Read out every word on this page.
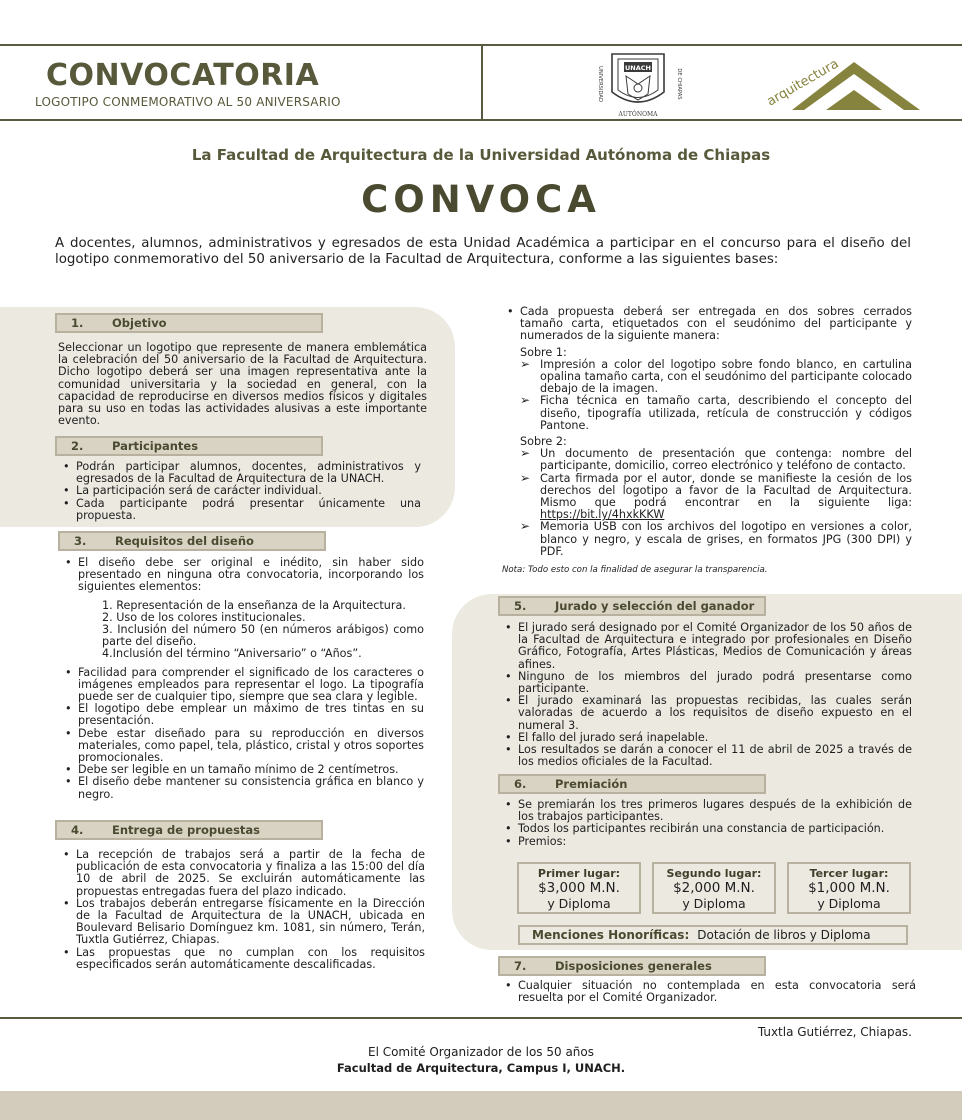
CONVOCATORIA
LOGOTIPO CONMEMORATIVO AL 50 ANIVERSARIO
UNIVERSIDAD	DE CHIAPAS
UNACH
AUTÓNOMA
arquitectura
La Facultad de Arquitectura de la Universidad Autónoma de Chiapas
CONVOCA
A docentes, alumnos, administrativos y egresados de esta Unidad Académica a participar en el concurso para el diseño del logotipo conmemorativo del 50 aniversario de la Facultad de Arquitectura, conforme a las siguientes bases:
1. Objetivo
Seleccionar un logotipo que represente de manera emblemática la celebración del 50 aniversario de la Facultad de Arquitectura. Dicho logotipo deberá ser una imagen representativa ante la comunidad universitaria y la sociedad en general, con la capacidad de reproducirse en diversos medios físicos y digitales para su uso en todas las actividades alusivas a este importante evento.
2. Participantes
• Podrán participar alumnos, docentes, administrativos y egresados de la Facultad de Arquitectura de la UNACH.
• La participación será de carácter individual.
• Cada participante podrá presentar únicamente una propuesta.
3. Requisitos del diseño
• El diseño debe ser original e inédito, sin haber sido presentado en ninguna otra convocatoria, incorporando los siguientes elementos:
1. Representación de la enseñanza de la Arquitectura.
2. Uso de los colores institucionales.
3. Inclusión del número 50 (en números arábigos) como parte del diseño.
4.Inclusión del término “Aniversario” o “Años”.
• Facilidad para comprender el significado de los caracteres o imágenes empleados para representar el logo. La tipografía puede ser de cualquier tipo, siempre que sea clara y legible.
• El logotipo debe emplear un máximo de tres tintas en su presentación.
• Debe estar diseñado para su reproducción en diversos materiales, como papel, tela, plástico, cristal y otros soportes promocionales.
• Debe ser legible en un tamaño mínimo de 2 centímetros.
• El diseño debe mantener su consistencia gráfica en blanco y negro.
4. Entrega de propuestas
• La recepción de trabajos será a partir de la fecha de publicación de esta convocatoria y finaliza a las 15:00 del día 10 de abril de 2025. Se excluirán automáticamente las propuestas entregadas fuera del plazo indicado.
• Los trabajos deberán entregarse físicamente en la Dirección de la Facultad de Arquitectura de la UNACH, ubicada en Boulevard Belisario Domínguez km. 1081, sin número, Terán, Tuxtla Gutiérrez, Chiapas.
• Las propuestas que no cumplan con los requisitos especificados serán automáticamente descalificadas.
• Cada propuesta deberá ser entregada en dos sobres cerrados tamaño carta, etiquetados con el seudónimo del participante y numerados de la siguiente manera:
Sobre 1:
➢ Impresión a color del logotipo sobre fondo blanco, en cartulina opalina tamaño carta, con el seudónimo del participante colocado debajo de la imagen.
➢ Ficha técnica en tamaño carta, describiendo el concepto del diseño, tipografía utilizada, retícula de construcción y códigos Pantone.
Sobre 2:
➢ Un documento de presentación que contenga: nombre del participante, domicilio, correo electrónico y teléfono de contacto.
➢ Carta firmada por el autor, donde se manifieste la cesión de los derechos del logotipo a favor de la Facultad de Arquitectura. Mismo que podrá encontrar en la siguiente liga: https://bit.ly/4hxkKKW
➢ Memoria USB con los archivos del logotipo en versiones a color, blanco y negro, y escala de grises, en formatos JPG (300 DPI) y PDF.
Nota: Todo esto con la finalidad de asegurar la transparencia.
5. Jurado y selección del ganador
• El jurado será designado por el Comité Organizador de los 50 años de la Facultad de Arquitectura e integrado por profesionales en Diseño Gráfico, Fotografía, Artes Plásticas, Medios de Comunicación y áreas afines.
• Ninguno de los miembros del jurado podrá presentarse como participante.
• El jurado examinará las propuestas recibidas, las cuales serán valoradas de acuerdo a los requisitos de diseño expuesto en el numeral 3.
• El fallo del jurado será inapelable.
• Los resultados se darán a conocer el 11 de abril de 2025 a través de los medios oficiales de la Facultad.
6. Premiación
• Se premiarán los tres primeros lugares después de la exhibición de los trabajos participantes.
• Todos los participantes recibirán una constancia de participación.
• Premios:
Primer lugar:
$3,000 M.N.
y Diploma
Segundo lugar:
$2,000 M.N.
y Diploma
Tercer lugar:
$1,000 M.N.
y Diploma
Menciones Honoríficas: Dotación de libros y Diploma
7. Disposiciones generales
• Cualquier situación no contemplada en esta convocatoria será resuelta por el Comité Organizador.
Tuxtla Gutiérrez, Chiapas.
El Comité Organizador de los 50 años
Facultad de Arquitectura, Campus I, UNACH.
